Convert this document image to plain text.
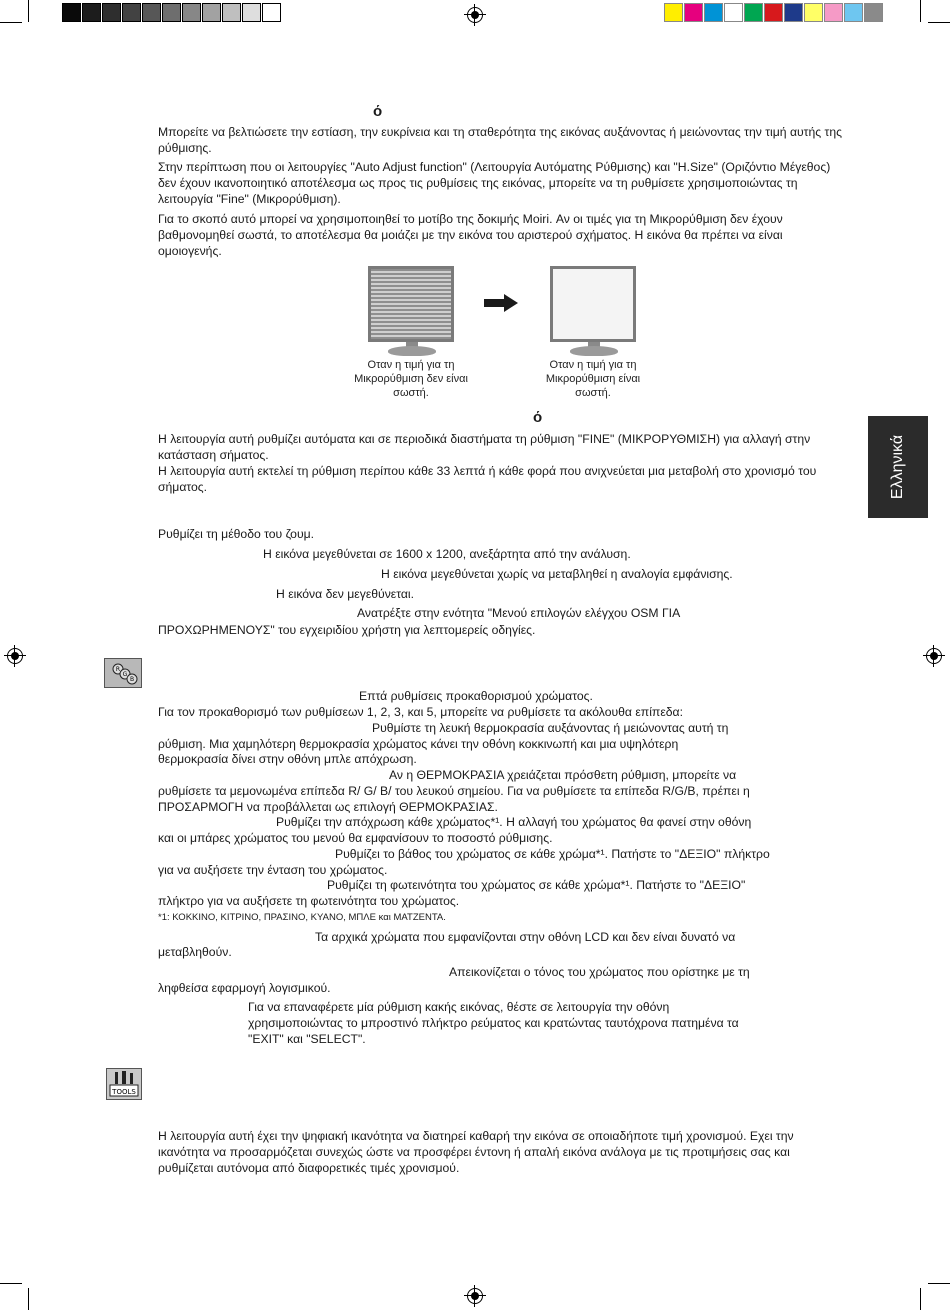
ό

Μπορείτε να βελτιώσετε την εστίαση, την ευκρίνεια και τη σταθερότητα της εικόνας αυξάνοντας ή μειώνοντας την τιμή αυτής της ρύθμισης.

Στην περίπτωση που οι λειτουργίες "Auto Adjust function" (Λειτουργία Αυτόματης Ρύθμισης) και "H.Size" (Οριζόντιο Μέγεθος) δεν έχουν ικανοποιητικό αποτέλεσμα ως προς τις ρυθμίσεις της εικόνας, μπορείτε να τη ρυθμίσετε χρησιμοποιώντας τη λειτουργία "Fine" (Μικρορύθμιση).

Για το σκοπό αυτό μπορεί να χρησιμοποιηθεί το μοτίβο της δοκιμής Moiri. Αν οι τιμές για τη Μικρορύθμιση δεν έχουν βαθμονομηθεί σωστά, το αποτέλεσμα θα μοιάζει με την εικόνα του αριστερού σχήματος. Η εικόνα θα πρέπει να είναι ομοιογενής.

Οταν η τιμή για τη Μικρορύθμιση δεν είναι σωστή.
Οταν η τιμή για τη Μικρορύθμιση είναι σωστή.
ό

Η λειτουργία αυτή ρυθμίζει αυτόματα και σε περιοδικά διαστήματα τη ρύθμιση "FINE" (ΜΙΚΡΟΡΥΘΜΙΣΗ) για αλλαγή στην κατάσταση σήματος.

Η λειτουργία αυτή εκτελεί τη ρύθμιση περίπου κάθε 33 λεπτά ή κάθε φορά που ανιχνεύεται μια μεταβολή στο χρονισμό του σήματος.	Ελληνικά

Ρυθμίζει τη μέθοδο του ζουμ.

Η εικόνα μεγεθύνεται σε 1600 x 1200, ανεξάρτητα από την ανάλυση.

Η εικόνα μεγεθύνεται χωρίς να μεταβληθεί η αναλογία εμφάνισης.

Η εικόνα δεν μεγεθύνεται.

Ανατρέξτε στην ενότητα "Μενού επιλογών ελέγχου OSM ΓΙΑ

ΠΡΟΧΩΡΗΜΕΝΟΥΣ" του εγχειριδίου χρήστη για λεπτομερείς οδηγίες.

R
G
B

Επτά ρυθμίσεις προκαθορισμού χρώματος.

Για τον προκαθορισμό των ρυθμίσεων 1, 2, 3, και 5, μπορείτε να ρυθμίσετε τα ακόλουθα επίπεδα:

Ρυθμίστε τη λευκή θερμοκρασία αυξάνοντας ή μειώνοντας αυτή τη

ρύθμιση. Μια χαμηλότερη θερμοκρασία χρώματος κάνει την οθόνη κοκκινωπή και μια υψηλότερη

θερμοκρασία δίνει στην οθόνη μπλε απόχρωση.

Αν η ΘΕΡΜΟΚΡΑΣΙΑ χρειάζεται πρόσθετη ρύθμιση, μπορείτε να

ρυθμίσετε τα μεμονωμένα επίπεδα R/ G/ B/ του λευκού σημείου. Για να ρυθμίσετε τα επίπεδα R/G/B, πρέπει η

ΠΡΟΣΑΡΜΟΓΗ να προβάλλεται ως επιλογή ΘΕΡΜΟΚΡΑΣΙΑΣ.

Ρυθμίζει την απόχρωση κάθε χρώματος*¹. Η αλλαγή του χρώματος θα φανεί στην οθόνη

και οι μπάρες χρώματος του μενού θα εμφανίσουν το ποσοστό ρύθμισης.

Ρυθμίζει το βάθος του χρώματος σε κάθε χρώμα*¹. Πατήστε το "ΔΕΞΙΟ" πλήκτρο

για να αυξήσετε την ένταση του χρώματος.

Ρυθμίζει τη φωτεινότητα του χρώματος σε κάθε χρώμα*¹. Πατήστε το "ΔΕΞΙΟ"

πλήκτρο για να αυξήσετε τη φωτεινότητα του χρώματος.

*1: ΚΟΚΚΙΝΟ, ΚΙΤΡΙΝΟ, ΠΡΑΣΙΝΟ, ΚΥΑΝΟ, ΜΠΛΕ και ΜΑΤΖΕΝΤΑ.

Τα αρχικά χρώματα που εμφανίζονται στην οθόνη LCD και δεν είναι δυνατό να

μεταβληθούν.

Απεικονίζεται ο τόνος του χρώματος που ορίστηκε με τη

ληφθείσα εφαρμογή λογισμικού.

Για να επαναφέρετε μία ρύθμιση κακής εικόνας, θέστε σε λειτουργία την οθόνη

χρησιμοποιώντας το μπροστινό πλήκτρο ρεύματος και κρατώντας ταυτόχρονα πατημένα τα

"EXIT" και "SELECT".

TOOLS

Η λειτουργία αυτή έχει την ψηφιακή ικανότητα να διατηρεί καθαρή την εικόνα σε οποιαδήποτε τιμή χρονισμού. Εχει την ικανότητα να προσαρμόζεται συνεχώς ώστε να προσφέρει έντονη ή απαλή εικόνα ανάλογα με τις προτιμήσεις σας και ρυθμίζεται αυτόνομα από διαφορετικές τιμές χρονισμού.
